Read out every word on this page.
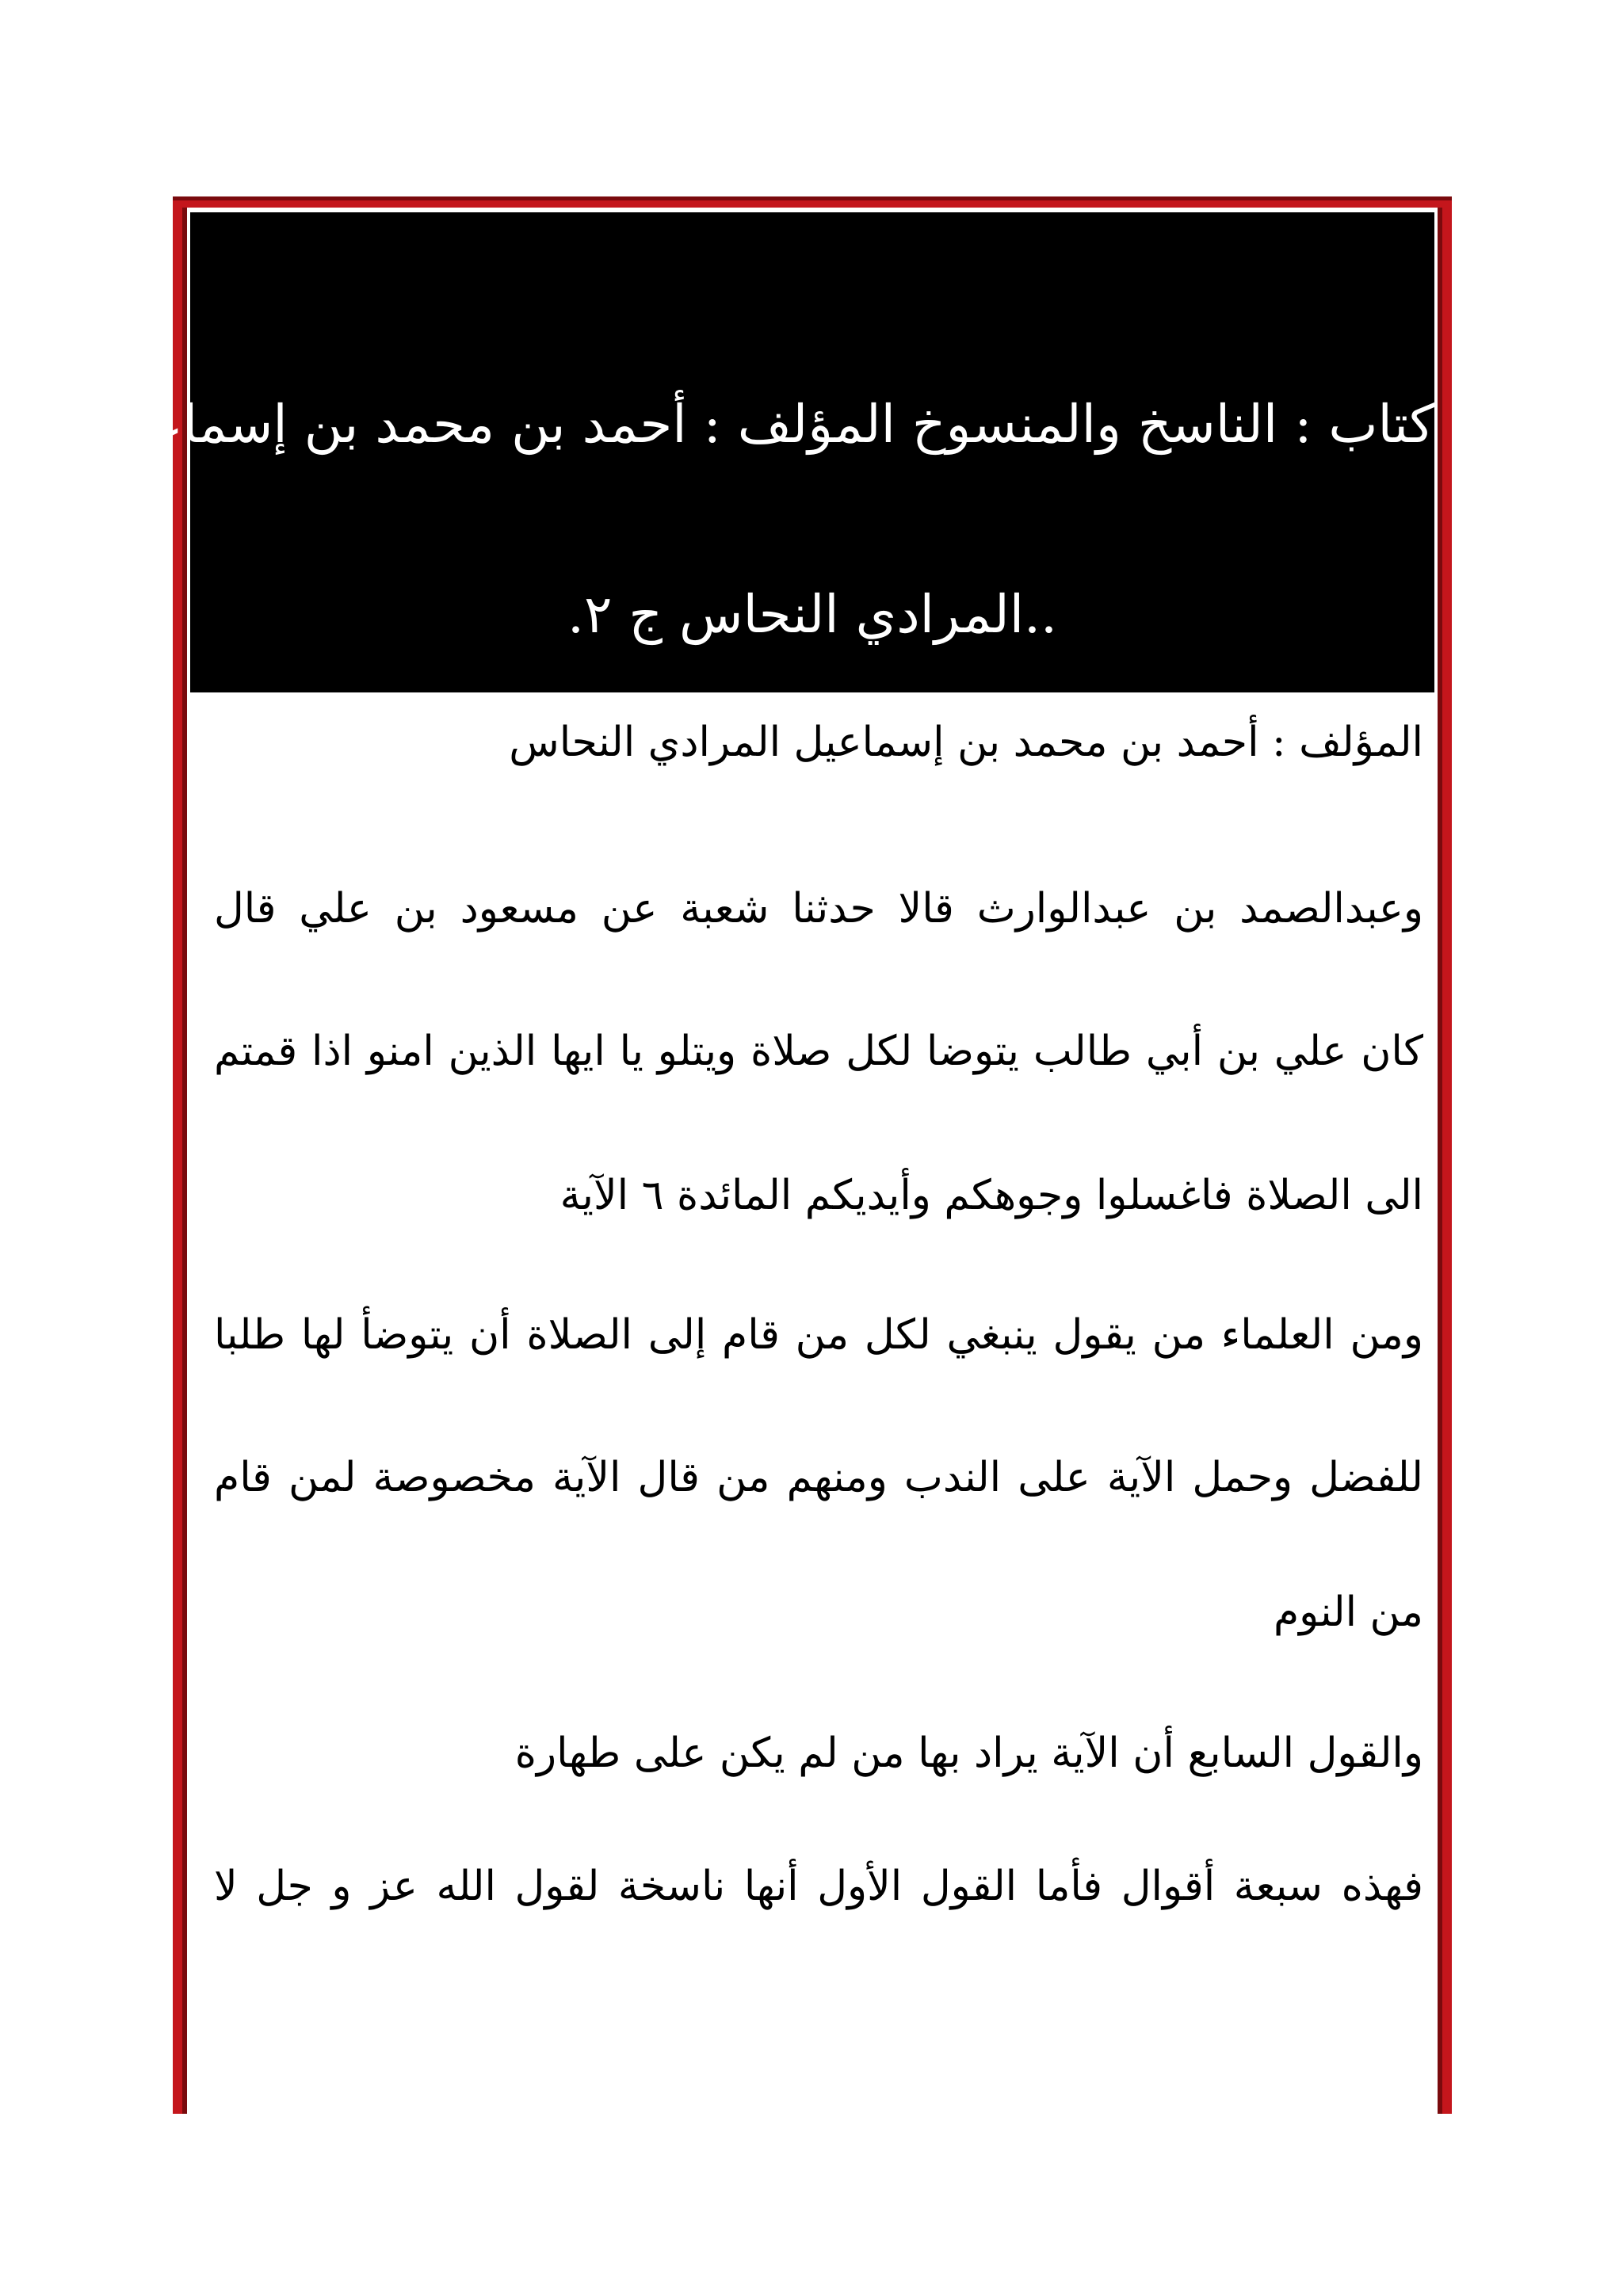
كتاب : الناسخ والمنسوخ المؤلف : أحمد بن محمد بن إسماعيل
..المرادي النحاس ج ٢.
المؤلف : أحمد بن محمد بن إسماعيل المرادي النحاس
وعبدالصمد بن عبدالوارث قالا حدثنا شعبة عن مسعود بن علي قال
كان علي بن أبي طالب يتوضا لكل صلاة ويتلو يا ايها الذين امنو اذا قمتم
الى الصلاة فاغسلوا وجوهكم وأيديكم المائدة ٦ الآية
ومن العلماء من يقول ينبغي لكل من قام إلى الصلاة أن يتوضأ لها طلبا
للفضل وحمل الآية على الندب ومنهم من قال الآية مخصوصة لمن قام
من النوم
والقول السابع أن الآية يراد بها من لم يكن على طهارة
فهذه سبعة أقوال فأما القول الأول أنها ناسخة لقول الله عز و جل لا
